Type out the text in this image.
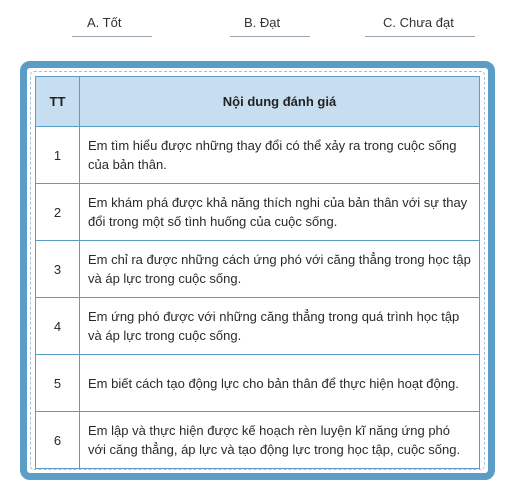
A. Tốt	B. Đạt	C. Chưa đạt
TT	Nội dung đánh giá
1	Em tìm hiểu được những thay đổi có thể xảy ra trong cuộc sống của bản thân.
2	Em khám phá được khả năng thích nghi của bản thân với sự thay đổi trong một số tình huống của cuộc sống.
3	Em chỉ ra được những cách ứng phó với căng thẳng trong học tập và áp lực trong cuộc sống.
4	Em ứng phó được với những căng thẳng trong quá trình học tập và áp lực trong cuộc sống.
5	Em biết cách tạo động lực cho bản thân để thực hiện hoạt động.
6	Em lập và thực hiện được kế hoạch rèn luyện kĩ năng ứng phó với căng thẳng, áp lực và tạo động lực trong học tập, cuộc sống.
